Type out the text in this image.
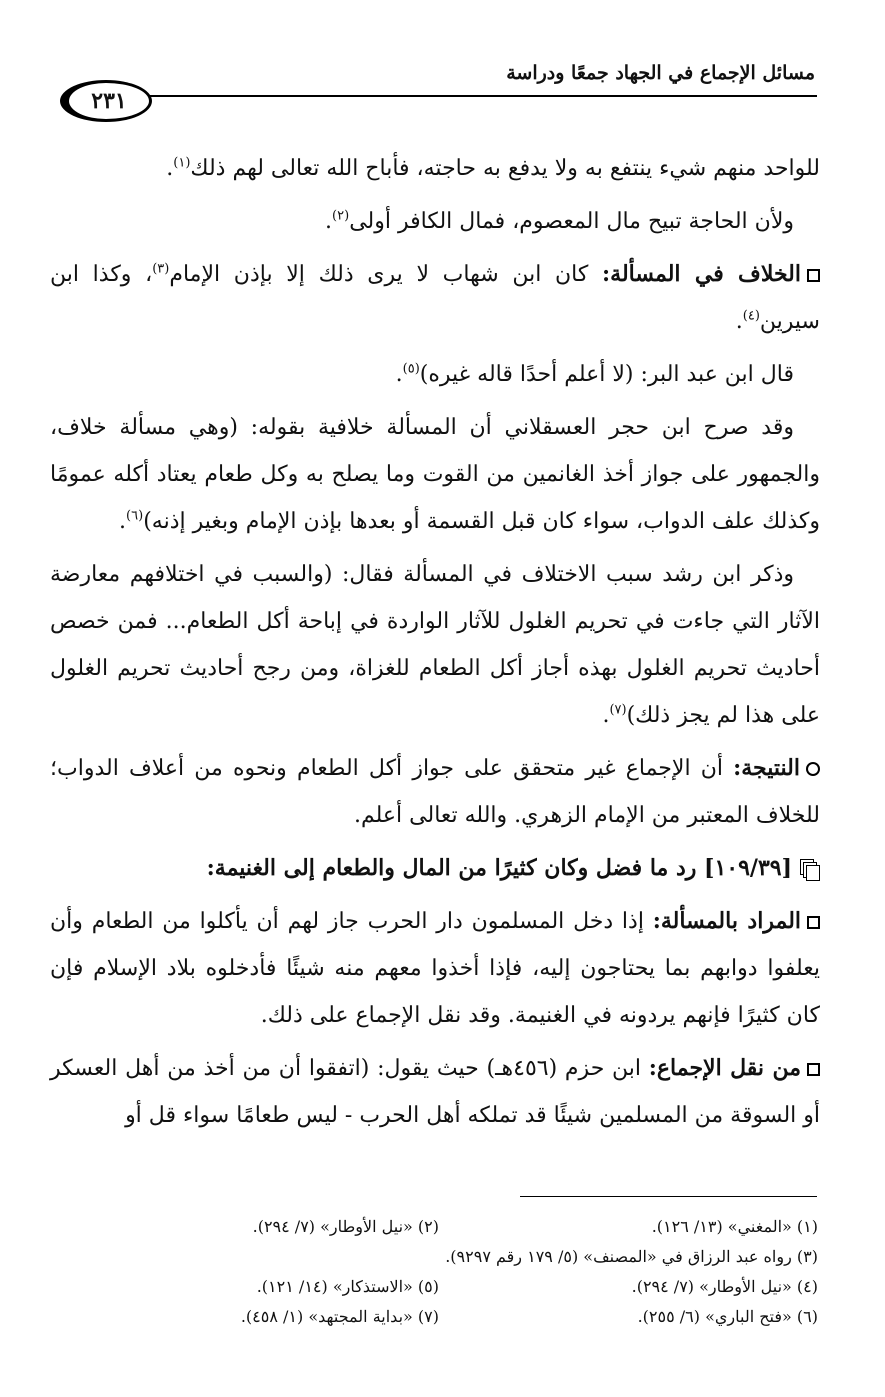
مسائل الإجماع في الجهاد جمعًا ودراسة
٢٣١

للواحد منهم شيء ينتفع به ولا يدفع به حاجته، فأباح الله تعالى لهم ذلك$^{(١)}$.

ولأن الحاجة تبيح مال المعصوم، فمال الكافر أولى$^{(٢)}$.

الخلاف في المسألة: كان ابن شهاب لا يرى ذلك إلا بإذن الإمام$^{(٣)}$، وكذا ابن سيرين$^{(٤)}$.

قال ابن عبد البر: (لا أعلم أحدًا قاله غيره)$^{(٥)}$.

وقد صرح ابن حجر العسقلاني أن المسألة خلافية بقوله: (وهي مسألة خلاف، والجمهور على جواز أخذ الغانمين من القوت وما يصلح به وكل طعام يعتاد أكله عمومًا وكذلك علف الدواب، سواء كان قبل القسمة أو بعدها بإذن الإمام وبغير إذنه)$^{(٦)}$.

وذكر ابن رشد سبب الاختلاف في المسألة فقال: (والسبب في اختلافهم معارضة الآثار التي جاءت في تحريم الغلول للآثار الواردة في إباحة أكل الطعام... فمن خصص أحاديث تحريم الغلول بهذه أجاز أكل الطعام للغزاة، ومن رجح أحاديث تحريم الغلول على هذا لم يجز ذلك)$^{(٧)}$.

النتيجة: أن الإجماع غير متحقق على جواز أكل الطعام ونحوه من أعلاف الدواب؛ للخلاف المعتبر من الإمام الزهري. والله تعالى أعلم.

[١٠٩/٣٩] رد ما فضل وكان كثيرًا من المال والطعام إلى الغنيمة:

المراد بالمسألة: إذا دخل المسلمون دار الحرب جاز لهم أن يأكلوا من الطعام وأن يعلفوا دوابهم بما يحتاجون إليه، فإذا أخذوا معهم منه شيئًا فأدخلوه بلاد الإسلام فإن كان كثيرًا فإنهم يردونه في الغنيمة. وقد نقل الإجماع على ذلك.

من نقل الإجماع: ابن حزم (٤٥٦هـ) حيث يقول: (اتفقوا أن من أخذ من أهل العسكر أو السوقة من المسلمين شيئًا قد تملكه أهل الحرب - ليس طعامًا سواء قل أو

(١) «المغني» (١٣/ ١٢٦).
(٢) «نيل الأوطار» (٧/ ٢٩٤).
(٣) رواه عبد الرزاق في «المصنف» (٥/ ١٧٩ رقم ٩٢٩٧).
(٤) «نيل الأوطار» (٧/ ٢٩٤).
(٥) «الاستذكار» (١٤/ ١٢١).
(٦) «فتح الباري» (٦/ ٢٥٥).
(٧) «بداية المجتهد» (١/ ٤٥٨).
